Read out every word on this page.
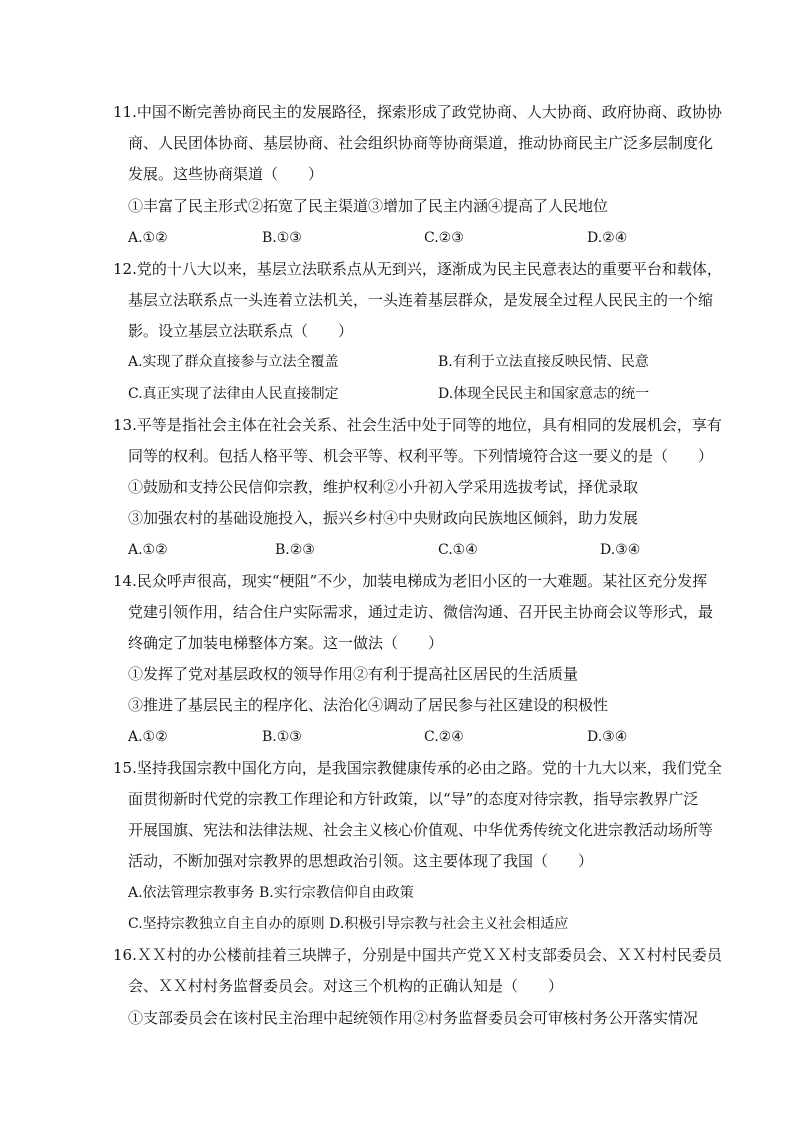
11.中国不断完善协商民主的发展路径，探索形成了政党协商、人大协商、政府协商、政协协
商、人民团体协商、基层协商、社会组织协商等协商渠道，推动协商民主广泛多层制度化
发展。这些协商渠道（　　）
①丰富了民主形式②拓宽了民主渠道③增加了民主内涵④提高了人民地位
A.①②	B.①③	C.②③	D.②④
12.党的十八大以来，基层立法联系点从无到兴，逐渐成为民主民意表达的重要平台和载体，
基层立法联系点一头连着立法机关，一头连着基层群众，是发展全过程人民民主的一个缩
影。设立基层立法联系点（　　）
A.实现了群众直接参与立法全覆盖	B.有利于立法直接反映民情、民意
C.真正实现了法律由人民直接制定	D.体现全民民主和国家意志的统一
13.平等是指社会主体在社会关系、社会生活中处于同等的地位，具有相同的发展机会，享有
同等的权利。包括人格平等、机会平等、权利平等。下列情境符合这一要义的是（　　）
①鼓励和支持公民信仰宗教，维护权利②小升初入学采用选拔考试，择优录取
③加强农村的基础设施投入，振兴乡村④中央财政向民族地区倾斜，助力发展
A.①②	B.②③	C.①④	D.③④
14.民众呼声很高，现实“梗阻”不少，加装电梯成为老旧小区的一大难题。某社区充分发挥
党建引领作用，结合住户实际需求，通过走访、微信沟通、召开民主协商会议等形式，最
终确定了加装电梯整体方案。这一做法（　　）
①发挥了党对基层政权的领导作用②有利于提高社区居民的生活质量
③推进了基层民主的程序化、法治化④调动了居民参与社区建设的积极性
A.①②	B.①③	C.②④	D.③④
15.坚持我国宗教中国化方向，是我国宗教健康传承的必由之路。党的十九大以来，我们党全
面贯彻新时代党的宗教工作理论和方针政策，以“导”的态度对待宗教，指导宗教界广泛
开展国旗、宪法和法律法规、社会主义核心价值观、中华优秀传统文化进宗教活动场所等
活动，不断加强对宗教界的思想政治引领。这主要体现了我国（　　）
A.依法管理宗教事务 B.实行宗教信仰自由政策
C.坚持宗教独立自主自办的原则 D.积极引导宗教与社会主义社会相适应
16.ＸＸ村的办公楼前挂着三块牌子，分别是中国共产党ＸＸ村支部委员会、ＸＸ村村民委员
会、ＸＸ村村务监督委员会。对这三个机构的正确认知是（　　）
①支部委员会在该村民主治理中起统领作用②村务监督委员会可审核村务公开落实情况
